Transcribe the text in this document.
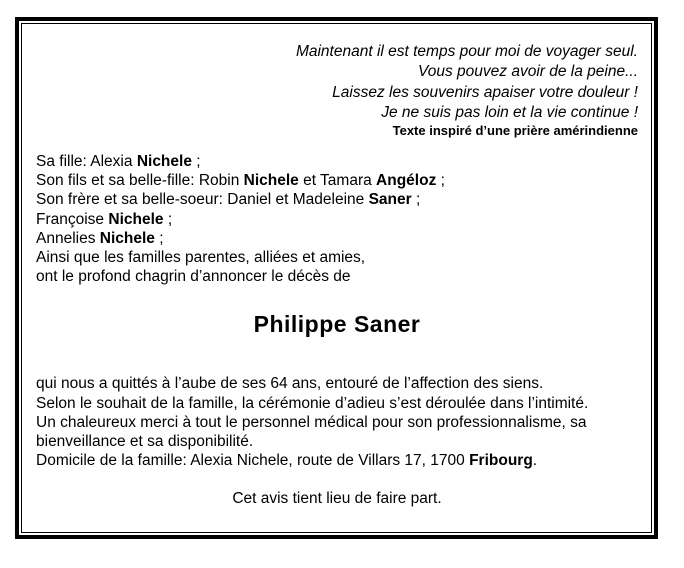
Maintenant il est temps pour moi de voyager seul.
Vous pouvez avoir de la peine...
Laissez les souvenirs apaiser votre douleur !
Je ne suis pas loin et la vie continue !
Texte inspiré d’une prière amérindienne
Sa fille: Alexia Nichele ;
Son fils et sa belle-fille: Robin Nichele et Tamara Angéloz ;
Son frère et sa belle-soeur: Daniel et Madeleine Saner ;
Françoise Nichele ;
Annelies Nichele ;
Ainsi que les familles parentes, alliées et amies,
ont le profond chagrin d’annoncer le décès de
Philippe Saner
qui nous a quittés à l’aube de ses 64 ans, entouré de l’affection des siens.
Selon le souhait de la famille, la cérémonie d’adieu s’est déroulée dans l’intimité.
Un chaleureux merci à tout le personnel médical pour son professionnalisme, sa
bienveillance et sa disponibilité.
Domicile de la famille: Alexia Nichele, route de Villars 17, 1700 Fribourg.
Cet avis tient lieu de faire part.
